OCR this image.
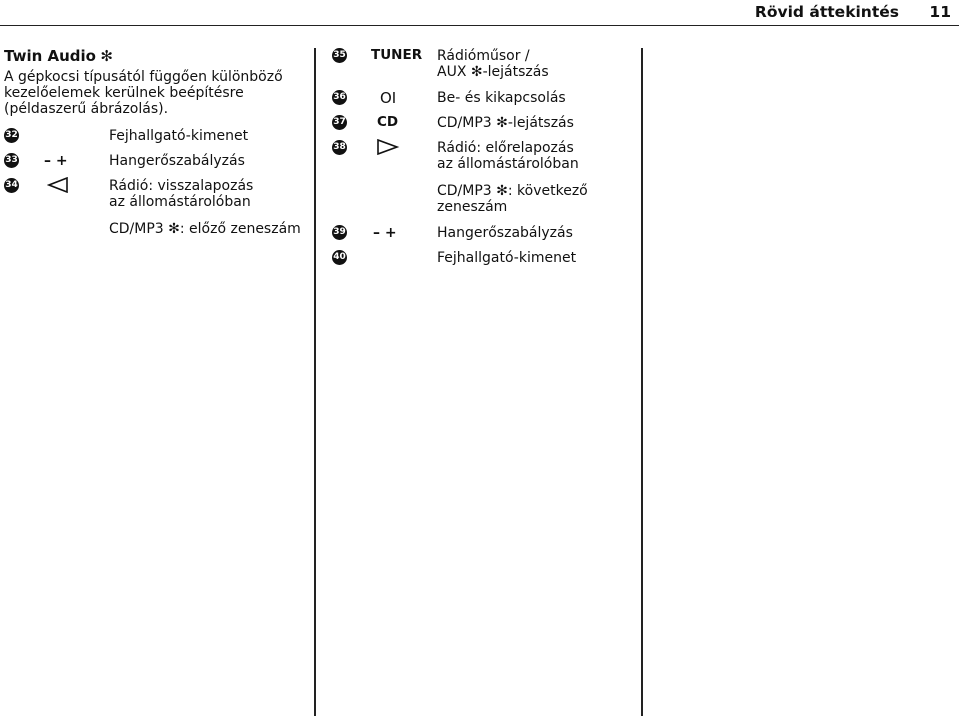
Rövid áttekintés 11
Twin Audio ✻
A gépkocsi típusától függően különböző
kezelőelemek kerülnek beépítésre
(példaszerű ábrázolás).
32	Fejhallgató-kimenet
33 – +	Hangerőszabályzás
34	Rádió: visszalapozás
az állomástárolóban
CD/MP3 ✻: előző zeneszám
35 TUNER Rádióműsor /
AUX ✻-lejátszás
36 OI	Be- és kikapcsolás
37 CD	CD/MP3 ✻-lejátszás
38	Rádió: előrelapozás
az állomástárolóban
CD/MP3 ✻: következő
zeneszám
39 – +	Hangerőszabályzás
40	Fejhallgató-kimenet
